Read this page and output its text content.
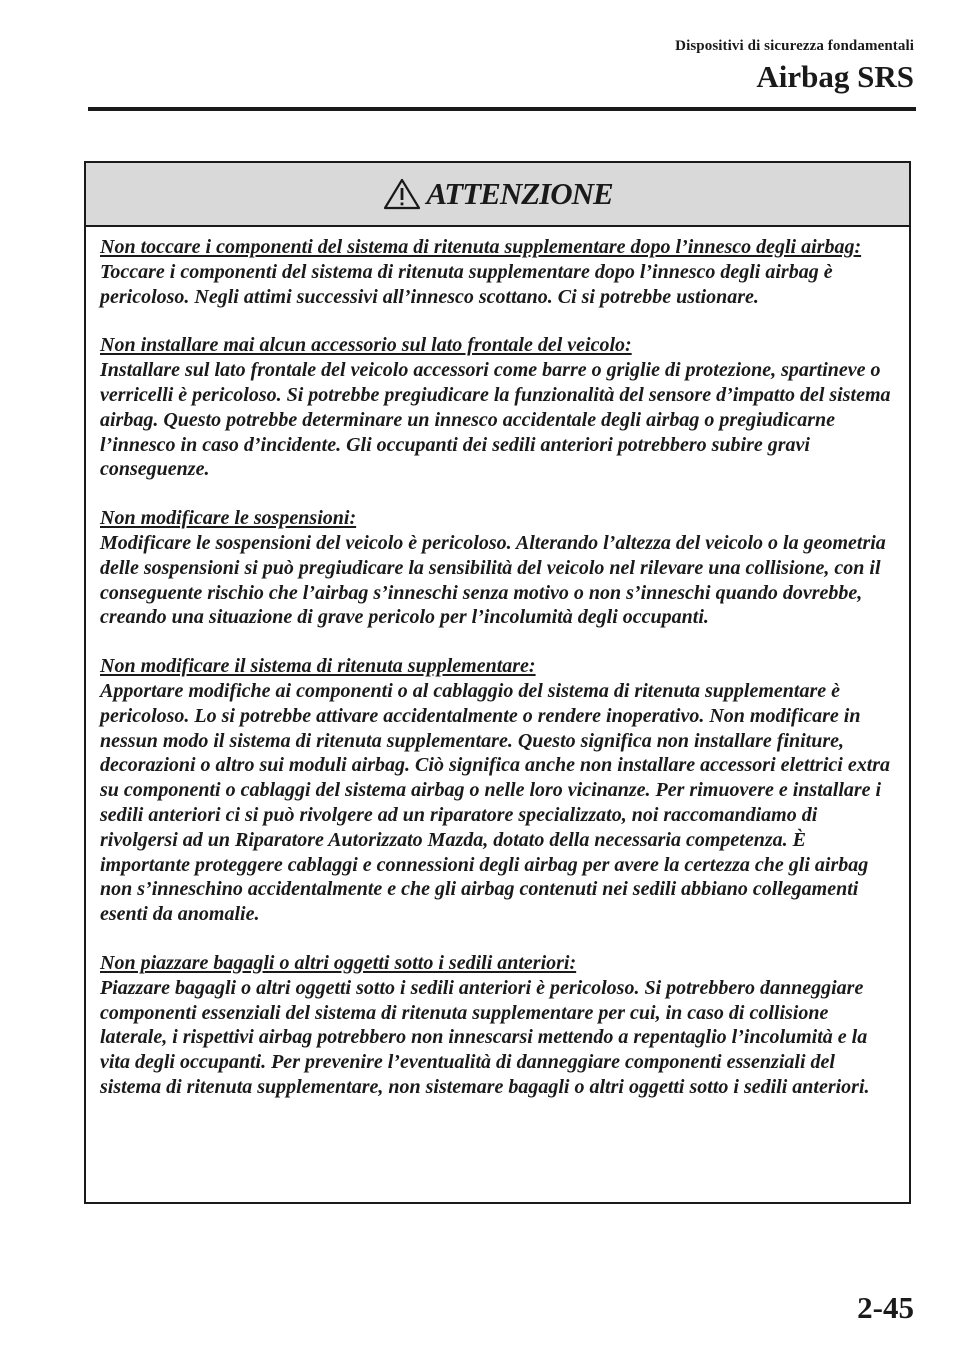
Dispositivi di sicurezza fondamentali
Airbag SRS
ATTENZIONE

Non toccare i componenti del sistema di ritenuta supplementare dopo l’innesco degli airbag:
Toccare i componenti del sistema di ritenuta supplementare dopo l’innesco degli airbag è pericoloso. Negli attimi successivi all’innesco scottano. Ci si potrebbe ustionare.

Non installare mai alcun accessorio sul lato frontale del veicolo:
Installare sul lato frontale del veicolo accessori come barre o griglie di protezione, spartineve o verricelli è pericoloso. Si potrebbe pregiudicare la funzionalità del sensore d’impatto del sistema airbag. Questo potrebbe determinare un innesco accidentale degli airbag o pregiudicarne l’innesco in caso d’incidente. Gli occupanti dei sedili anteriori potrebbero subire gravi conseguenze.

Non modificare le sospensioni:
Modificare le sospensioni del veicolo è pericoloso. Alterando l’altezza del veicolo o la geometria delle sospensioni si può pregiudicare la sensibilità del veicolo nel rilevare una collisione, con il conseguente rischio che l’airbag s’inneschi senza motivo o non s’inneschi quando dovrebbe, creando una situazione di grave pericolo per l’incolumità degli occupanti.

Non modificare il sistema di ritenuta supplementare:
Apportare modifiche ai componenti o al cablaggio del sistema di ritenuta supplementare è pericoloso. Lo si potrebbe attivare accidentalmente o rendere inoperativo. Non modificare in nessun modo il sistema di ritenuta supplementare. Questo significa non installare finiture, decorazioni o altro sui moduli airbag. Ciò significa anche non installare accessori elettrici extra su componenti o cablaggi del sistema airbag o nelle loro vicinanze. Per rimuovere e installare i sedili anteriori ci si può rivolgere ad un riparatore specializzato, noi raccomandiamo di rivolgersi ad un Riparatore Autorizzato Mazda, dotato della necessaria competenza. È importante proteggere cablaggi e connessioni degli airbag per avere la certezza che gli airbag non s’inneschino accidentalmente e che gli airbag contenuti nei sedili abbiano collegamenti esenti da anomalie.

Non piazzare bagagli o altri oggetti sotto i sedili anteriori:
Piazzare bagagli o altri oggetti sotto i sedili anteriori è pericoloso. Si potrebbero danneggiare componenti essenziali del sistema di ritenuta supplementare per cui, in caso di collisione laterale, i rispettivi airbag potrebbero non innescarsi mettendo a repentaglio l’incolumità e la vita degli occupanti. Per prevenire l’eventualità di danneggiare componenti essenziali del sistema di ritenuta supplementare, non sistemare bagagli o altri oggetti sotto i sedili anteriori.

2-45
